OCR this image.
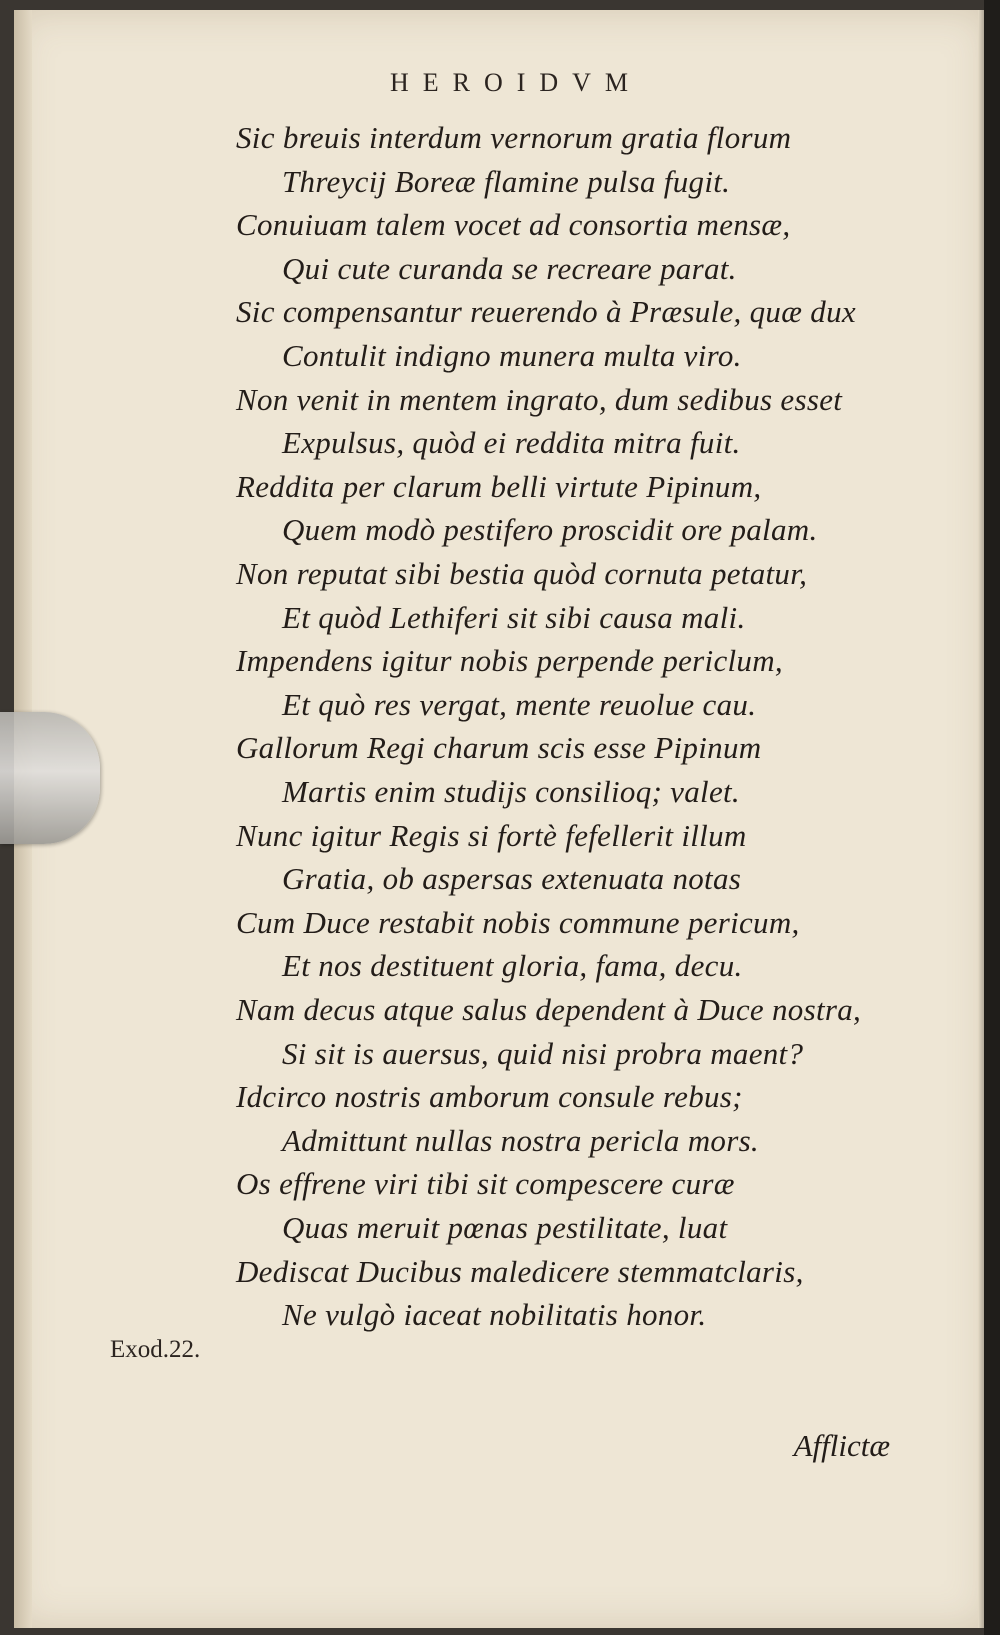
HEROIDVM
Sic breuis interdum vernorum gratia florum
Threycij Boreæ flamine pulsa fugit.
Conuiuam talem vocet ad consortia mensæ,
Qui cute curanda se recreare parat.
Sic compensantur reuerendo à Præsule, quæ dux
Contulit indigno munera multa viro.
Non venit in mentem ingrato, dum sedibus esset
Expulsus, quòd ei reddita mitra fuit.
Reddita per clarum belli virtute Pipinum,
Quem modò pestifero proscidit ore palam.
Non reputat sibi bestia quòd cornuta petatur,
Et quòd Lethiferi sit sibi causa mali.
Impendens igitur nobis perpende periclum,
Et quò res vergat, mente reuolue cau.
Gallorum Regi charum scis esse Pipinum
Martis enim studijs consilioq; valet.
Nunc igitur Regis si fortè fefellerit illum
Gratia, ob aspersas extenuata notas
Cum Duce restabit nobis commune pericum,
Et nos destituent gloria, fama, decu.
Nam decus atque salus dependent à Duce nostra,
Si sit is auersus, quid nisi probra maent?
Idcirco nostris amborum consule rebus;
Admittunt nullas nostra pericla mors.
Os effrene viri tibi sit compescere curæ
Quas meruit pœnas pestilitate, luat
Dediscat Ducibus maledicere stemmatclaris,
Ne vulgò iaceat nobilitatis honor.
Exod.22.
Afflictæ
